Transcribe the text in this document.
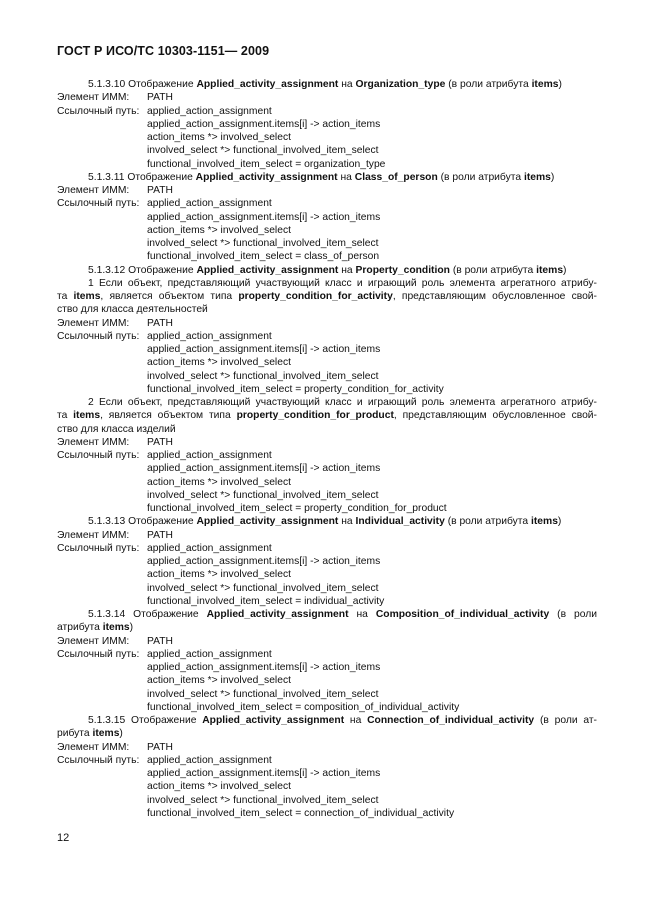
ГОСТ Р ИСО/ТС 10303-1151— 2009
5.1.3.10 Отображение Applied_activity_assignment на Organization_type (в роли атрибута items)
Элемент ИММ: PATH
Ссылочный путь: applied_action_assignment
applied_action_assignment.items[i] -> action_items
action_items *> involved_select
involved_select *> functional_involved_item_select
functional_involved_item_select = organization_type
5.1.3.11 Отображение Applied_activity_assignment на Class_of_person (в роли атрибута items)
Элемент ИММ: PATH
Ссылочный путь: applied_action_assignment
applied_action_assignment.items[i] -> action_items
action_items *> involved_select
involved_select *> functional_involved_item_select
functional_involved_item_select = class_of_person
5.1.3.12 Отображение Applied_activity_assignment на Property_condition (в роли атрибута items)
1 Если объект, представляющий участвующий класс и играющий роль элемента агрегатного атрибу-
та items, является объектом типа property_condition_for_activity, представляющим обусловленное свой-
ство для класса деятельностей
Элемент ИММ: PATH
Ссылочный путь: applied_action_assignment
applied_action_assignment.items[i] -> action_items
action_items *> involved_select
involved_select *> functional_involved_item_select
functional_involved_item_select = property_condition_for_activity
2 Если объект, представляющий участвующий класс и играющий роль элемента агрегатного атрибу-
та items, является объектом типа property_condition_for_product, представляющим обусловленное свой-
ство для класса изделий
Элемент ИММ: PATH
Ссылочный путь: applied_action_assignment
applied_action_assignment.items[i] -> action_items
action_items *> involved_select
involved_select *> functional_involved_item_select
functional_involved_item_select = property_condition_for_product
5.1.3.13 Отображение Applied_activity_assignment на Individual_activity (в роли атрибута items)
Элемент ИММ: PATH
Ссылочный путь: applied_action_assignment
applied_action_assignment.items[i] -> action_items
action_items *> involved_select
involved_select *> functional_involved_item_select
functional_involved_item_select = individual_activity
5.1.3.14 Отображение Applied_activity_assignment на Composition_of_individual_activity (в роли
атрибута items)
Элемент ИММ: PATH
Ссылочный путь: applied_action_assignment
applied_action_assignment.items[i] -> action_items
action_items *> involved_select
involved_select *> functional_involved_item_select
functional_involved_item_select = composition_of_individual_activity
5.1.3.15 Отображение Applied_activity_assignment на Connection_of_individual_activity (в роли ат-
рибута items)
Элемент ИММ: PATH
Ссылочный путь: applied_action_assignment
applied_action_assignment.items[i] -> action_items
action_items *> involved_select
involved_select *> functional_involved_item_select
functional_involved_item_select = connection_of_individual_activity
12
